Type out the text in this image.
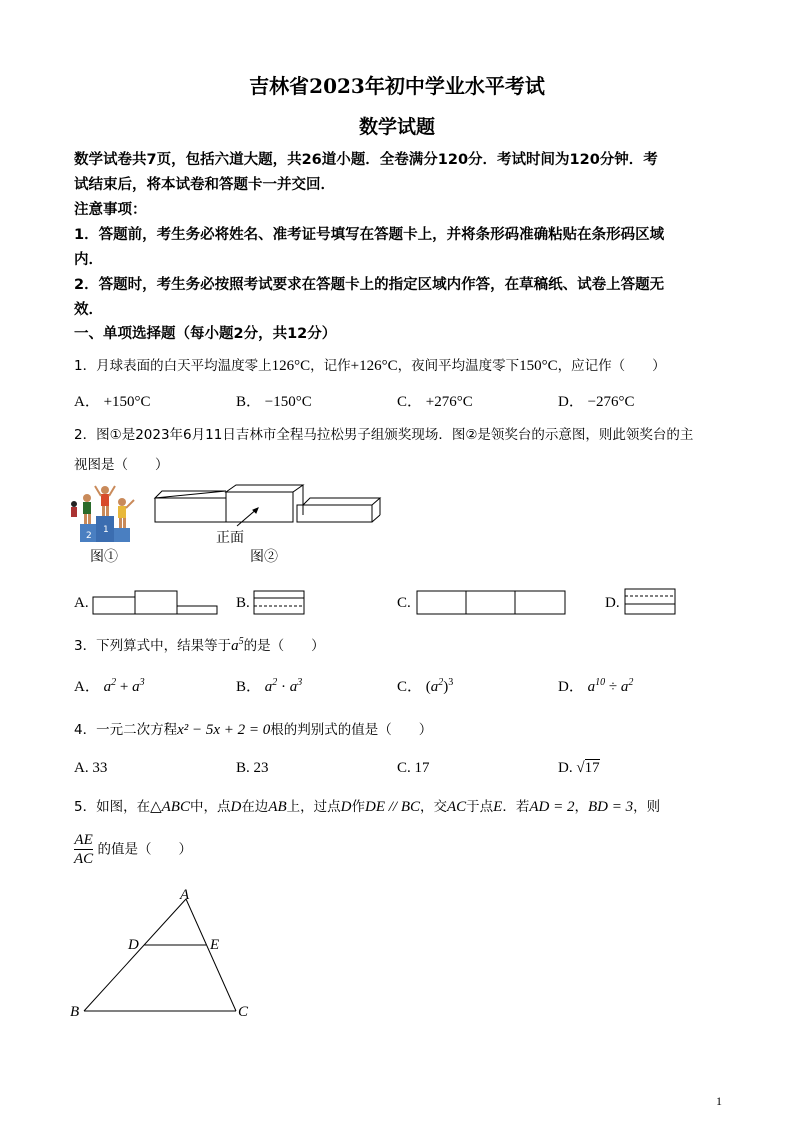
吉林省2023年初中学业水平考试
数学试题
数学试卷共7页，包括六道大题，共26道小题．全卷满分120分．考试时间为120分钟．考
试结束后，将本试卷和答题卡一并交回．
注意事项：
1．答题前，考生务必将姓名、准考证号填写在答题卡上，并将条形码准确粘贴在条形码区域
内．
2．答题时，考生务必按照考试要求在答题卡上的指定区域内作答，在草稿纸、试卷上答题无
效．
一、单项选择题（每小题2分，共12分）
1．月球表面的白天平均温度零上126°C，记作+126°C，夜间平均温度零下150°C，应记作（　　）
A． +150°C	B． −150°C	C． +276°C	D． −276°C
2．图①是2023年6月11日吉林市全程马拉松男子组颁奖现场．图②是领奖台的示意图，则此领奖台的主
视图是（　　）
2
1
图①
正面
图②
A.	B.	C.	D.
3．下列算式中，结果等于$a^5$的是（　　）
A． $a^2 + a^3$	B． $a^2 \cdot a^3$	C． $(a^2)^3$	D． $a^{10} \div a^2$
4．一元二次方程x² − 5x + 2 = 0根的判别式的值是（　　）
A. 33	B. 23	C. 17	D. √17
5．如图，在△ABC中，点D在边AB上，过点D作DE // BC，交AC于点E．若AD = 2，BD = 3，则
$\frac{AE}{AC}$ 的值是（　　）
A
D	E
B	C
1
